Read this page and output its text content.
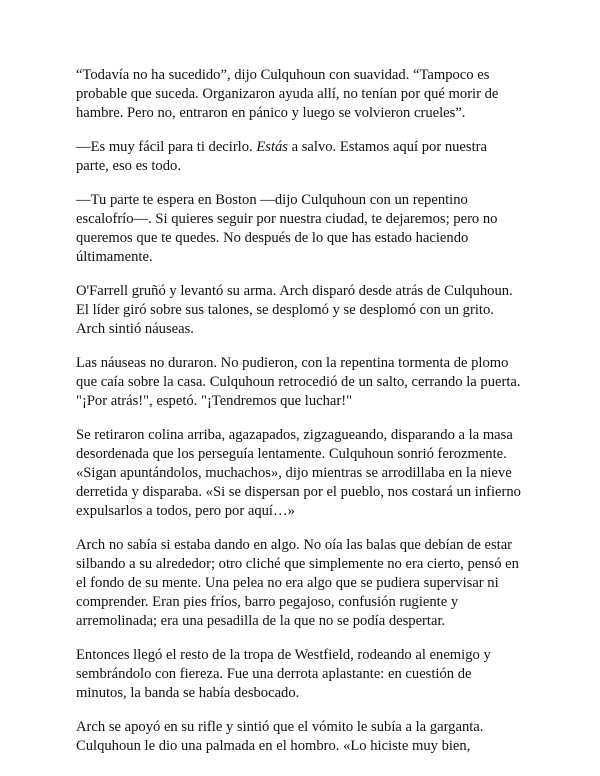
“Todavía no ha sucedido”, dijo Culquhoun con suavidad. “Tampoco es
probable que suceda. Organizaron ayuda allí, no tenían por qué morir de
hambre. Pero no, entraron en pánico y luego se volvieron crueles”.

—Es muy fácil para ti decirlo. Estás a salvo. Estamos aquí por nuestra
parte, eso es todo.

—Tu parte te espera en Boston —dijo Culquhoun con un repentino
escalofrío—. Si quieres seguir por nuestra ciudad, te dejaremos; pero no
queremos que te quedes. No después de lo que has estado haciendo
últimamente.

O'Farrell gruñó y levantó su arma. Arch disparó desde atrás de Culquhoun.
El líder giró sobre sus talones, se desplomó y se desplomó con un grito.
Arch sintió náuseas.

Las náuseas no duraron. No pudieron, con la repentina tormenta de plomo
que caía sobre la casa. Culquhoun retrocedió de un salto, cerrando la puerta.
"¡Por atrás!", espetó. "¡Tendremos que luchar!"

Se retiraron colina arriba, agazapados, zigzagueando, disparando a la masa
desordenada que los perseguía lentamente. Culquhoun sonrió ferozmente.
«Sigan apuntándolos, muchachos», dijo mientras se arrodillaba en la nieve
derretida y disparaba. «Si se dispersan por el pueblo, nos costará un infierno
expulsarlos a todos, pero por aquí…»

Arch no sabía si estaba dando en algo. No oía las balas que debían de estar
silbando a su alrededor; otro cliché que simplemente no era cierto, pensó en
el fondo de su mente. Una pelea no era algo que se pudiera supervisar ni
comprender. Eran pies fríos, barro pegajoso, confusión rugiente y
arremolinada; era una pesadilla de la que no se podía despertar.

Entonces llegó el resto de la tropa de Westfield, rodeando al enemigo y
sembrándolo con fiereza. Fue una derrota aplastante: en cuestión de
minutos, la banda se había desbocado.

Arch se apoyó en su rifle y sintió que el vómito le subía a la garganta.
Culquhoun le dio una palmada en el hombro. «Lo hiciste muy bien,
